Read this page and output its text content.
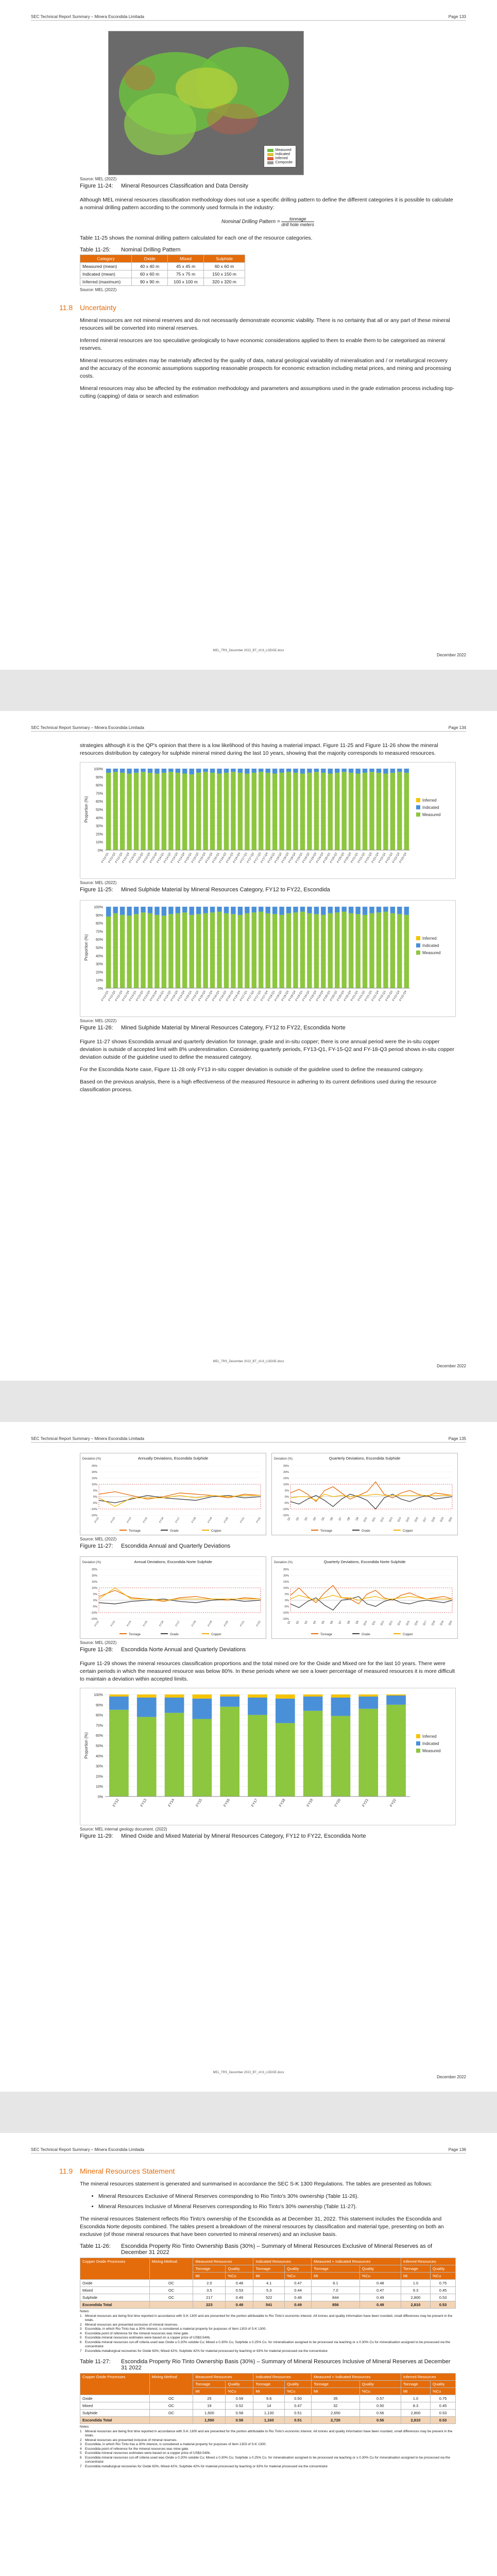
SEC Technical Report Summary – Minera Escondida Limitada	Page 133
Measured
Indicated
Inferred
Composite
Source: MEL (2022)
Figure 11-24:	Mineral Resources Classification and Data Density

Although MEL mineral resources classification methodology does not use a specific drilling pattern to define the different categories it is possible to calculate a nominal drilling pattern according to the commonly used formula in the industry:

Nominal Drilling Pattern = $\frac{\text{tonnage}}{\text{drill hole meters}}$

Table 11-25 shows the nominal drilling pattern calculated for each one of the resource categories.

Table 11-25:	Nominal Drilling Pattern
Category	Oxide	Mixed	Sulphide
Measured (mean)	40 x 40 m	45 x 45 m	60 x 60 m
Indicated (mean)	60 x 60 m	75 x 75 m	150 x 150 m
Inferred (maximum)	90 x 90 m	100 x 100 m	320 x 320 m
Source: MEL (2022)
11.8 Uncertainty

Mineral resources are not mineral reserves and do not necessarily demonstrate economic viability. There is no certainty that all or any part of these mineral resources will be converted into mineral reserves.

Inferred mineral resources are too speculative geologically to have economic considerations applied to them to enable them to be categorised as mineral reserves.

Mineral resources estimates may be materially affected by the quality of data, natural geological variability of mineralisation and / or metallurgical recovery and the accuracy of the economic assumptions supporting reasonable prospects for economic extraction including metal prices, and mining and processing costs.

Mineral resources may also be affected by the estimation methodology and parameters and assumptions used in the grade estimation process including top-cutting (capping) of data or search and estimation

MEL_TRS_December 2022_BT_v0.6_LODGE.docx
December 2022
SEC Technical Report Summary – Minera Escondida Limitada	Page 134

strategies although it is the QP's opinion that there is a low likelihood of this having a material impact. Figure 11-25 and Figure 11-26 show the mineral resources distribution by category for sulphide mineral mined during the last 10 years, showing that the majority corresponds to measured resources.

0%
10%
20%
30%
40%
50%
60%
70%
80%
90%
100%
Proportion (%)
FY12-Q1
FY12-Q2
FY12-Q3
FY12-Q4
FY13-Q1
FY13-Q2
FY13-Q3
FY13-Q4
FY14-Q1
FY14-Q2
FY14-Q3
FY14-Q4
FY15-Q1
FY15-Q2
FY15-Q3
FY15-Q4
FY16-Q1
FY16-Q2
FY16-Q3
FY16-Q4
FY17-Q1
FY17-Q2
FY17-Q3
FY17-Q4
FY18-Q1
FY18-Q2
FY18-Q3
FY18-Q4
FY19-Q1
FY19-Q2
FY19-Q3
FY19-Q4
FY20-Q1
FY20-Q2
FY20-Q3
FY20-Q4
FY21-Q1
FY21-Q2
FY21-Q3
FY21-Q4
FY22-Q1
FY22-Q2
FY22-Q3
FY22-Q4
Inferred
Indicated
Measured
Source: MEL (2022)
Figure 11-25:	Mined Sulphide Material by Mineral Resources Category, FY12 to FY22, Escondida
0%
10%
20%
30%
40%
50%
60%
70%
80%
90%
100%
Proportion (%)
FY12-Q1
FY12-Q2
FY12-Q3
FY12-Q4
FY13-Q1
FY13-Q2
FY13-Q3
FY13-Q4
FY14-Q1
FY14-Q2
FY14-Q3
FY14-Q4
FY15-Q1
FY15-Q2
FY15-Q3
FY15-Q4
FY16-Q1
FY16-Q2
FY16-Q3
FY16-Q4
FY17-Q1
FY17-Q2
FY17-Q3
FY17-Q4
FY18-Q1
FY18-Q2
FY18-Q3
FY18-Q4
FY19-Q1
FY19-Q2
FY19-Q3
FY19-Q4
FY20-Q1
FY20-Q2
FY20-Q3
FY20-Q4
FY21-Q1
FY21-Q2
FY21-Q3
FY21-Q4
FY22-Q1
FY22-Q2
FY22-Q3
FY22-Q4
Inferred
Indicated
Measured
Source: MEL (2022)
Figure 11-26:	Mined Sulphide Material by Mineral Resources Category, FY12 to FY22, Escondida Norte

Figure 11-27 shows Escondida annual and quarterly deviation for tonnage, grade and in-situ copper; there is one annual period were the in-situ copper deviation is outside of accepted limit with 8% underestimation. Considering quarterly periods, FY13-Q1, FY-15-Q2 and FY-18-Q3 period shows in-situ copper deviation outside of the guideline used to define the measured category.

For the Escondida Norte case, Figure 11-28 only FY13 in-situ copper deviation is outside of the guideline used to define the measured category.

Based on the previous analysis, there is a high effectiveness of the measured Resource in adhering to its current definitions used during the resource classification process.

MEL_TRS_December 2022_BT_v0.6_LODGE.docx
December 2022
SEC Technical Report Summary – Minera Escondida Limitada	Page 135
Annually Deviations, Escondida Sulphide
Deviation (%)
-15%
-10%
-5%
0%
5%
10%
15%
20%
25%
FY12	FY13	FY14	FY15	FY16	FY17	FY18	FY19	FY20	FY21	FY22
Tonnage	Grade	Copper
Quarterly Deviations, Escondida Sulphide
Deviation (%)
-15%
-10%
-5%
0%
5%
10%
15%
20%
25%
Q1 Q2 Q3 Q4 Q5 Q6 Q7 Q8 Q9 Q10 Q11 Q12 Q13 Q14 Q15 Q16 Q17 Q18 Q19 Q20
Tonnage	Grade	Copper
Source: MEL (2022)
Figure 11-27:	Escondida Annual and Quarterly Deviations
Annual Deviations, Escondida Norte Sulphide
Deviation (%)
-15%
-10%
-5%
0%
5%
10%
15%
20%
25%
FY12	FY13	FY14	FY15	FY16	FY17	FY18	FY19	FY20	FY21	FY22
Tonnage	Grade	Copper
Quarterly Deviations, Escondida Norte Sulphide
Deviation (%)
-15%
-10%
-5%
0%
5%
10%
15%
20%
25%
Q1 Q2 Q3 Q4 Q5 Q6 Q7 Q8 Q9 Q10 Q11 Q12 Q13 Q14 Q15 Q16 Q17 Q18 Q19 Q20
Tonnage	Grade	Copper
Source: MEL (2022)
Figure 11-28:	Escondida Norte Annual and Quarterly Deviations

Figure 11-29 shows the mineral resources classification proportions and the total mined ore for the Oxide and Mixed ore for the last 10 years. There were certain periods in which the measured resource was below 80%. In these periods where we see a lower percentage of measured resources it is more difficult to maintain a deviation within accepted limits.

0%
10%
20%
30%
40%
50%
60%
70%
80%
90%
100%
Proportion (%)
FY12	FY13	FY14	FY15	FY16	FY17	FY18	FY19	FY20	FY21	FY22
Inferred
Indicated
Measured
Source: MEL internal geology document. (2022)
Figure 11-29:	Mined Oxide and Mixed Material by Mineral Resources Category, FY12 to FY22, Escondida Norte
MEL_TRS_December 2022_BT_v0.6_LODGE.docx
December 2022
SEC Technical Report Summary – Minera Escondida Limitada	Page 136
11.9 Mineral Resources Statement

The mineral resources statement is generated and summarised in accordance the SEC S-K 1300 Regulations. The tables are presented as follows:

• Mineral Resources Exclusive of Mineral Reserves corresponding to Rio Tinto's 30% ownership (Table 11-26).
• Mineral Resources Inclusive of Mineral Reserves corresponding to Rio Tinto's 30% ownership (Table 11-27).

The mineral resources Statement reflects Rio Tinto's ownership of the Escondida as at December 31, 2022. This statement includes the Escondida and Escondida Norte deposits combined. The tables present a breakdown of the mineral resources by classification and material type, presenting on both an exclusive (of those mineral resources that have been converted to mineral reserves) and an inclusive basis.

Table 11-26:	Escondida Property Rio Tinto Ownership Basis (30%) – Summary of Mineral Resources Exclusive of Mineral Reserves as of December 31 2022
Copper Oxide Processes	Mining Method	Measured Resources		Indicated Resources		Measured + Indicated Resources		Inferred Resources	
		Tonnage	Quality	Tonnage	Quality	Tonnage	Quality	Tonnage	Quality
		Mt	%Cu	Mt	%Cu	Mt	%Cu	Mt	%Cu
Oxide	OC	2.0	0.48	4.1	0.47	6.1	0.48	1.0	0.75
Mixed	OC	3.5	0.53	5.3	0.44	7.0	0.47	9.3	0.45
Sulphide	OC	217	0.49	522	0.48	844	0.49	2,800	0.53
Escondida Total		223	0.49	541	0.49	856	0.49	2,810	0.53
Notes:
1 Mineral resources are being first time reported in accordance with S-K 1300 and are presented for the portion attributable to Rio Tinto's economic interest. All tonnes and quality information have been rounded, small differences may be present in the totals.
2 Mineral resources are presented exclusive of mineral reserves.
3 Escondida, in which Rio Tinto has a 30% interest, is considered a material property for purposes of Item 1303 of S-K 1300.
4 Escondida point of reference for the mineral resources was mine gate.
5 Escondida mineral resources estimates were based on a copper price of US$3.54/lb.
6 Escondida mineral resources cut-off criteria used was Oxide ≥ 0.20% soluble Cu; Mixed ≥ 0.30% Cu; Sulphide ≥ 0.25% Cu. for mineralisation assigned to be processed via leaching or ≥ 0.30% Cu for mineralisation assigned to be processed via the concentrator.
7 Escondida metallurgical recoveries for Oxide 63%; Mixed 42%; Sulphide 42% for material processed by leaching or 83% for material processed via the concentrator.
Table 11-27:	Escondida Property Rio Tinto Ownership Basis (30%) – Summary of Mineral Resources Inclusive of Mineral Reserves at December 31 2022
Copper Oxide Processes	Mining Method	Measured Resources		Indicated Resources		Measured + Indicated Resources		Inferred Resources	
		Tonnage	Quality	Tonnage	Quality	Tonnage	Quality	Tonnage	Quality
		Mt	%Cu	Mt	%Cu	Mt	%Cu	Mt	%Cu
Oxide	OC	25	0.59	9.6	0.50	35	0.57	1.0	0.75
Mixed	OC	19	0.52	14	0.47	32	0.50	8.3	0.45
Sulphide	OC	1,500	0.58	1,130	0.51	2,650	0.56	2,800	0.53
Escondida Total		1,590	0.58	1,160	0.51	2,720	0.56	2,810	0.53
Notes:
1 Mineral resources are being first time reported in accordance with S-K 1300 and are presented for the portion attributable to Rio Tinto's economic interest. All tonnes and quality information have been rounded, small differences may be present in the totals.
2 Mineral resources are presented inclusive of mineral reserves.
3 Escondida, in which Rio Tinto has a 30% interest, is considered a material property for purposes of Item 1303 of S-K 1300.
4 Escondida point of reference for the mineral resources was mine gate.
5 Escondida mineral resources estimates were based on a copper price of US$3.54/lb.
6 Escondida mineral resources cut-off criteria used was Oxide ≥ 0.20% soluble Cu; Mixed ≥ 0.30% Cu; Sulphide ≥ 0.25% Cu. for mineralisation assigned to be processed via leaching or ≥ 0.30% Cu for mineralisation assigned to be processed via the concentrator.
7 Escondida metallurgical recoveries for Oxide 63%; Mixed 42%; Sulphide 42% for material processed by leaching or 83% for material processed via the concentrator.
